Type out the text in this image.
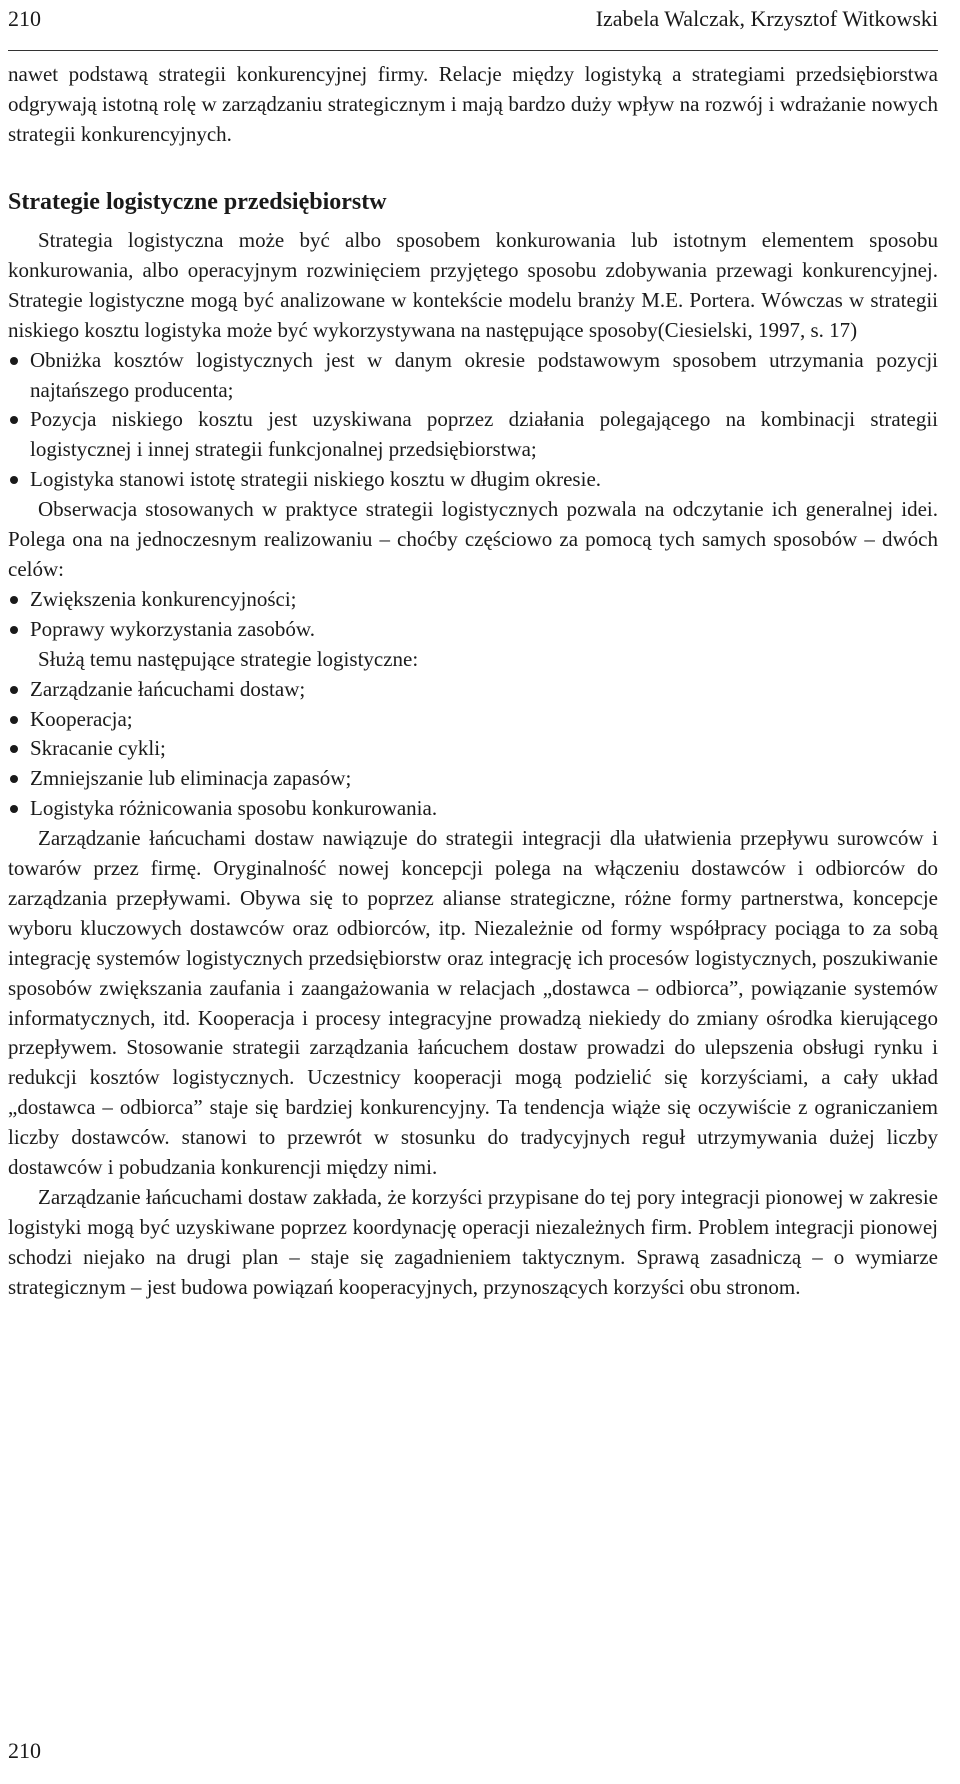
210	Izabela Walczak, Krzysztof Witkowski

nawet podstawą strategii konkurencyjnej firmy. Relacje między logistyką a strategiami przedsiębiorstwa odgrywają istotną rolę w zarządzaniu strategicznym i mają bardzo duży wpływ na rozwój i wdrażanie nowych strategii konkurencyjnych.

Strategie logistyczne przedsiębiorstw

Strategia logistyczna może być albo sposobem konkurowania lub istotnym elementem sposobu konkurowania, albo operacyjnym rozwinięciem przyjętego sposobu zdobywania przewagi konkurencyjnej. Strategie logistyczne mogą być analizowane w kontekście modelu branży M.E. Portera. Wówczas w strategii niskiego kosztu logistyka może być wykorzystywana na następujące sposoby(Ciesielski, 1997, s. 17)

Obniżka kosztów logistycznych jest w danym okresie podstawowym sposobem utrzymania pozycji najtańszego producenta;
Pozycja niskiego kosztu jest uzyskiwana poprzez działania polegającego na kombinacji strategii logistycznej i innej strategii funkcjonalnej przedsiębiorstwa;
Logistyka stanowi istotę strategii niskiego kosztu w długim okresie.

Obserwacja stosowanych w praktyce strategii logistycznych pozwala na odczytanie ich generalnej idei. Polega ona na jednoczesnym realizowaniu – choćby częściowo za pomocą tych samych sposobów – dwóch celów:

Zwiększenia konkurencyjności;
Poprawy wykorzystania zasobów.

Służą temu następujące strategie logistyczne:

Zarządzanie łańcuchami dostaw;
Kooperacja;
Skracanie cykli;
Zmniejszanie lub eliminacja zapasów;
Logistyka różnicowania sposobu konkurowania.

Zarządzanie łańcuchami dostaw nawiązuje do strategii integracji dla ułatwienia przepływu surowców i towarów przez firmę. Oryginalność nowej koncepcji polega na włączeniu dostawców i odbiorców do zarządzania przepływami. Obywa się to poprzez alianse strategiczne, różne formy partnerstwa, koncepcje wyboru kluczowych dostawców oraz odbiorców, itp. Niezależnie od formy współpracy pociąga to za sobą integrację systemów logistycznych przedsiębiorstw oraz integrację ich procesów logistycznych, poszukiwanie sposobów zwiększania zaufania i zaangażowania w relacjach „dostawca – odbiorca”, powiązanie systemów informatycznych, itd. Kooperacja i procesy integracyjne prowadzą niekiedy do zmiany ośrodka kierującego przepływem. Stosowanie strategii zarządzania łańcuchem dostaw prowadzi do ulepszenia obsługi rynku i redukcji kosztów logistycznych. Uczestnicy kooperacji mogą podzielić się korzyściami, a cały układ „dostawca – odbiorca” staje się bardziej konkurencyjny. Ta tendencja wiąże się oczywiście z ograniczaniem liczby dostawców. stanowi to przewrót w stosunku do tradycyjnych reguł utrzymywania dużej liczby dostawców i pobudzania konkurencji między nimi.

Zarządzanie łańcuchami dostaw zakłada, że korzyści przypisane do tej pory integracji pionowej w zakresie logistyki mogą być uzyskiwane poprzez koordynację operacji niezależnych firm. Problem integracji pionowej schodzi niejako na drugi plan – staje się zagadnieniem taktycznym. Sprawą zasadniczą – o wymiarze strategicznym – jest budowa powiązań kooperacyjnych, przynoszących korzyści obu stronom.

210
